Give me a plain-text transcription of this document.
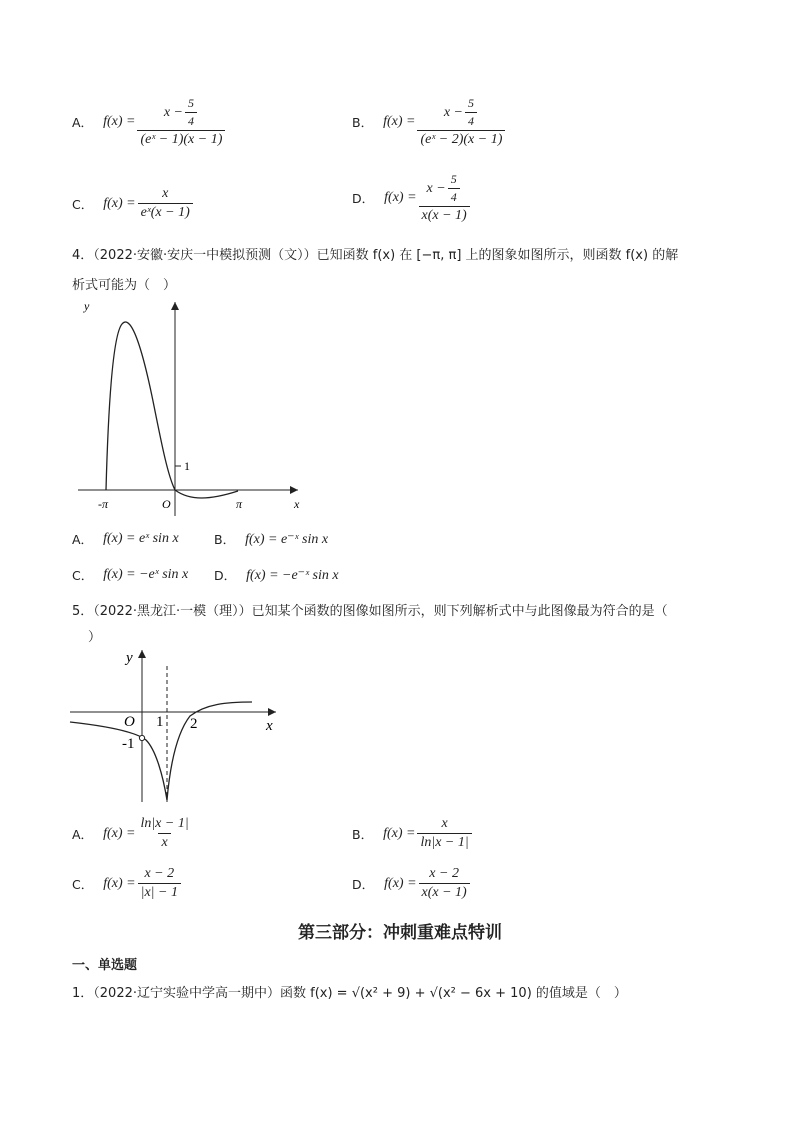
A． $f(x) = \frac{x - \frac{5}{4}}{\text{(eˣ − 1)(x − 1)}}$	B． $f(x) = \frac{x - \frac{5}{4}}{\text{(eˣ − 2)(x − 1)}}$
C． $f(x) = \frac{x}{\text{eˣ(x − 1)}}$	D． $f(x) = \frac{x - \frac{5}{4}}{x(x - 1)}$
4．（2022·安徽·安庆一中模拟预测（文））已知函数 f(x) 在 [−π, π] 上的图象如图所示，则函数 f(x) 的解
析式可能为（　）
y
x
O
-π	π
1
A． f(x) = eˣ sin x	B． f(x) = e⁻ˣ sin x
C． f(x) = −eˣ sin x D． f(x) = −e⁻ˣ sin x
5．（2022·黑龙江·一模（理））已知某个函数的图像如图所示，则下列解析式中与此图像最为符合的是（
）
y
x
O 1 2
-1
A． $f(x) = \frac{\ln|x - 1|}{x}$	B． $f(x) = \frac{x}{\ln|x - 1|}$
C． $f(x) = \frac{x - 2}{|x| - 1}$	D． $f(x) = \frac{x - 2}{x(x - 1)}$
第三部分：冲刺重难点特训
一、单选题
1．（2022·辽宁实验中学高一期中）函数 f(x) = √(x² + 9) + √(x² − 6x + 10) 的值域是（　）
